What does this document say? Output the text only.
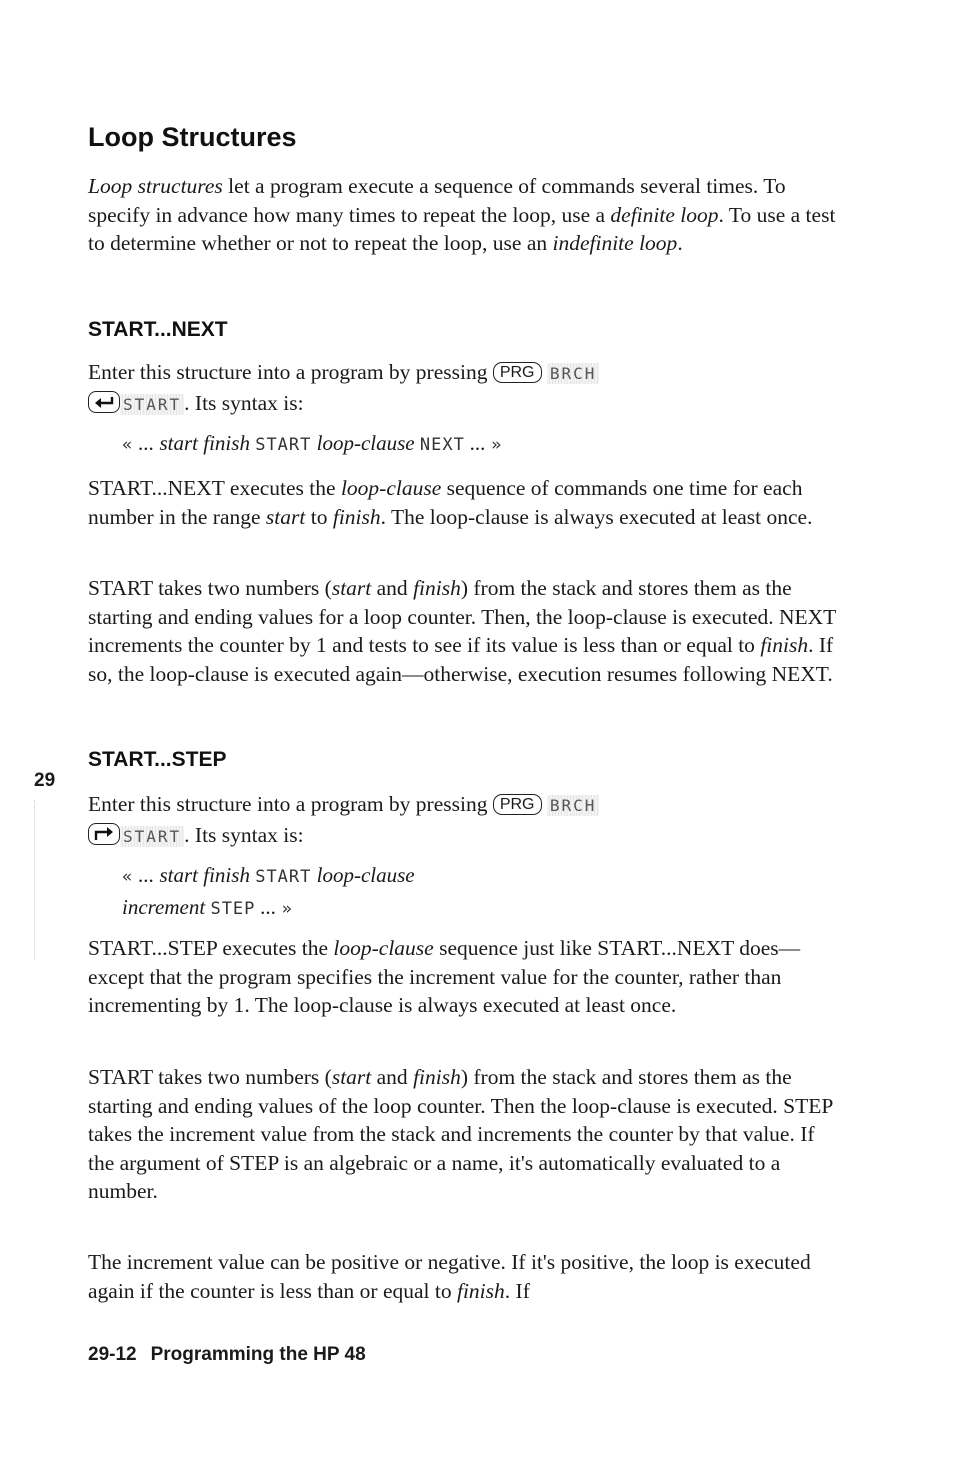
Loop Structures

Loop structures let a program execute a sequence of commands several times. To specify in advance how many times to repeat the loop, use a definite loop. To use a test to determine whether or not to repeat the loop, use an indefinite loop.

START...NEXT

Enter this structure into a program by pressing PRG BRCH

START . Its syntax is:

« ... start finish START loop-clause NEXT ... »

START...NEXT executes the loop-clause sequence of commands one time for each number in the range start to finish. The loop-clause is always executed at least once.

START takes two numbers (start and finish) from the stack and stores them as the starting and ending values for a loop counter. Then, the loop-clause is executed. NEXT increments the counter by 1 and tests to see if its value is less than or equal to finish. If so, the loop-clause is executed again—otherwise, execution resumes following NEXT.

29
START...STEP

Enter this structure into a program by pressing PRG BRCH

START . Its syntax is:

« ... start finish START loop-clause
increment STEP ... »

START...STEP executes the loop-clause sequence just like START...NEXT does—except that the program specifies the increment value for the counter, rather than incrementing by 1. The loop-clause is always executed at least once.

START takes two numbers (start and finish) from the stack and stores them as the starting and ending values of the loop counter. Then the loop-clause is executed. STEP takes the increment value from the stack and increments the counter by that value. If the argument of STEP is an algebraic or a name, it's automatically evaluated to a number.

The increment value can be positive or negative. If it's positive, the loop is executed again if the counter is less than or equal to finish. If

29-12 Programming the HP 48
